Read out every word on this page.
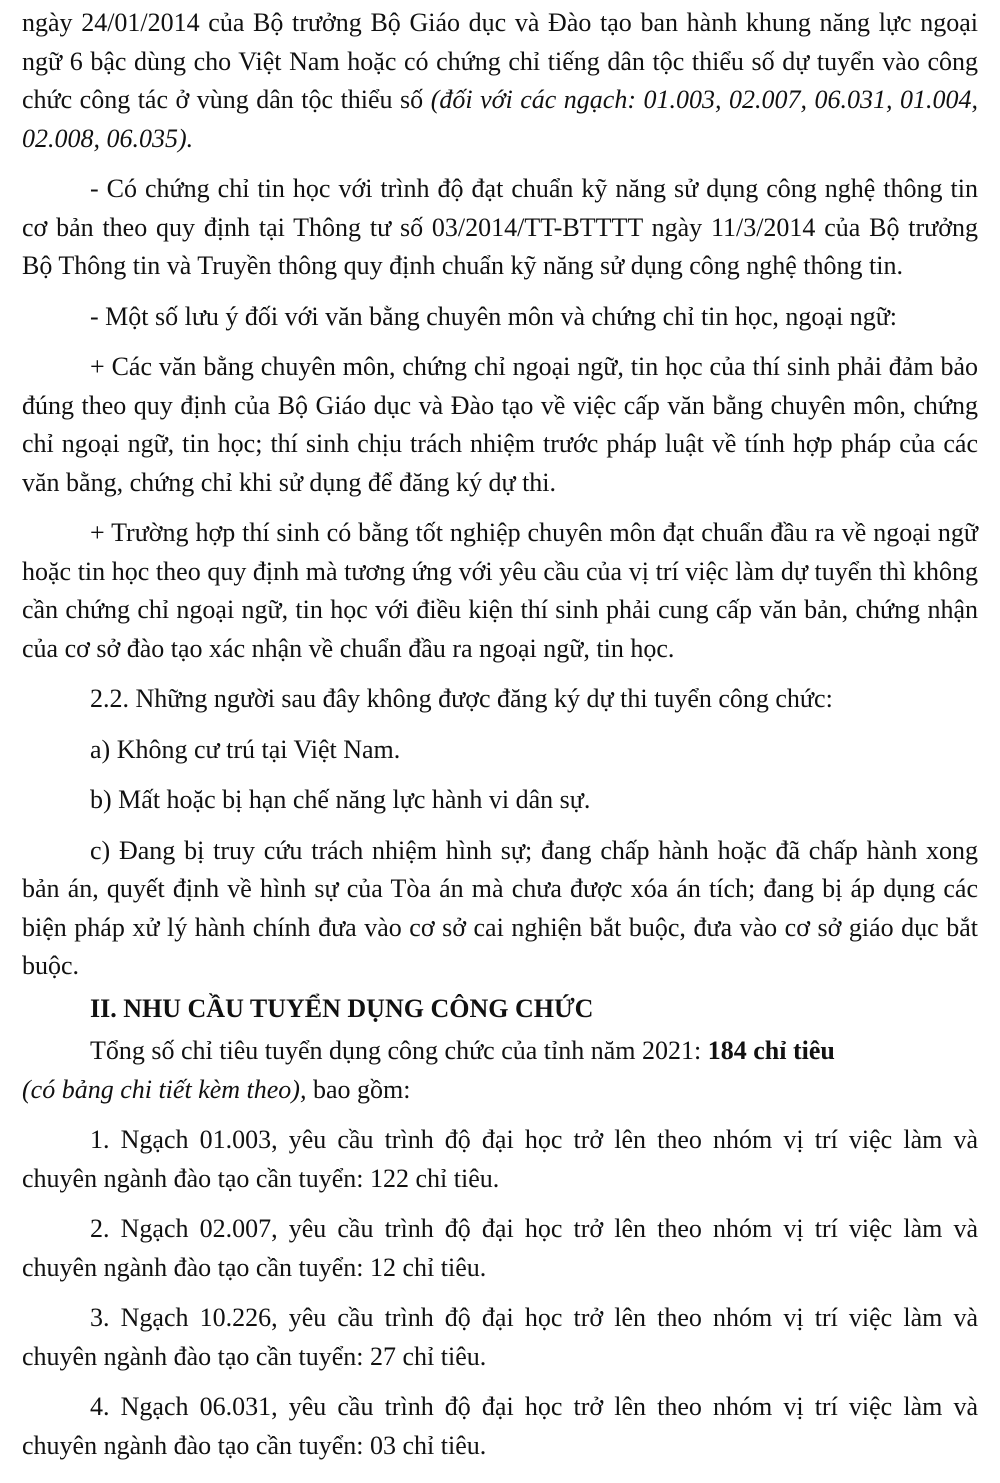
ngày 24/01/2014 của Bộ trưởng Bộ Giáo dục và Đào tạo ban hành khung năng lực ngoại ngữ 6 bậc dùng cho Việt Nam hoặc có chứng chỉ tiếng dân tộc thiểu số dự tuyển vào công chức công tác ở vùng dân tộc thiểu số (đối với các ngạch: 01.003, 02.007, 06.031, 01.004, 02.008, 06.035).

- Có chứng chỉ tin học với trình độ đạt chuẩn kỹ năng sử dụng công nghệ thông tin cơ bản theo quy định tại Thông tư số 03/2014/TT-BTTTT ngày 11/3/2014 của Bộ trưởng Bộ Thông tin và Truyền thông quy định chuẩn kỹ năng sử dụng công nghệ thông tin.

- Một số lưu ý đối với văn bằng chuyên môn và chứng chỉ tin học, ngoại ngữ:

+ Các văn bằng chuyên môn, chứng chỉ ngoại ngữ, tin học của thí sinh phải đảm bảo đúng theo quy định của Bộ Giáo dục và Đào tạo về việc cấp văn bằng chuyên môn, chứng chỉ ngoại ngữ, tin học; thí sinh chịu trách nhiệm trước pháp luật về tính hợp pháp của các văn bằng, chứng chỉ khi sử dụng để đăng ký dự thi.

+ Trường hợp thí sinh có bằng tốt nghiệp chuyên môn đạt chuẩn đầu ra về ngoại ngữ hoặc tin học theo quy định mà tương ứng với yêu cầu của vị trí việc làm dự tuyển thì không cần chứng chỉ ngoại ngữ, tin học với điều kiện thí sinh phải cung cấp văn bản, chứng nhận của cơ sở đào tạo xác nhận về chuẩn đầu ra ngoại ngữ, tin học.

2.2. Những người sau đây không được đăng ký dự thi tuyển công chức:

a) Không cư trú tại Việt Nam.

b) Mất hoặc bị hạn chế năng lực hành vi dân sự.

c) Đang bị truy cứu trách nhiệm hình sự; đang chấp hành hoặc đã chấp hành xong bản án, quyết định về hình sự của Tòa án mà chưa được xóa án tích; đang bị áp dụng các biện pháp xử lý hành chính đưa vào cơ sở cai nghiện bắt buộc, đưa vào cơ sở giáo dục bắt buộc.

II. NHU CẦU TUYỂN DỤNG CÔNG CHỨC

Tổng số chỉ tiêu tuyển dụng công chức của tỉnh năm 2021: 184 chỉ tiêu
(có bảng chi tiết kèm theo), bao gồm:

1. Ngạch 01.003, yêu cầu trình độ đại học trở lên theo nhóm vị trí việc làm và chuyên ngành đào tạo cần tuyển: 122 chỉ tiêu.

2. Ngạch 02.007, yêu cầu trình độ đại học trở lên theo nhóm vị trí việc làm và chuyên ngành đào tạo cần tuyển: 12 chỉ tiêu.

3. Ngạch 10.226, yêu cầu trình độ đại học trở lên theo nhóm vị trí việc làm và chuyên ngành đào tạo cần tuyển: 27 chỉ tiêu.

4. Ngạch 06.031, yêu cầu trình độ đại học trở lên theo nhóm vị trí việc làm và chuyên ngành đào tạo cần tuyển: 03 chỉ tiêu.
